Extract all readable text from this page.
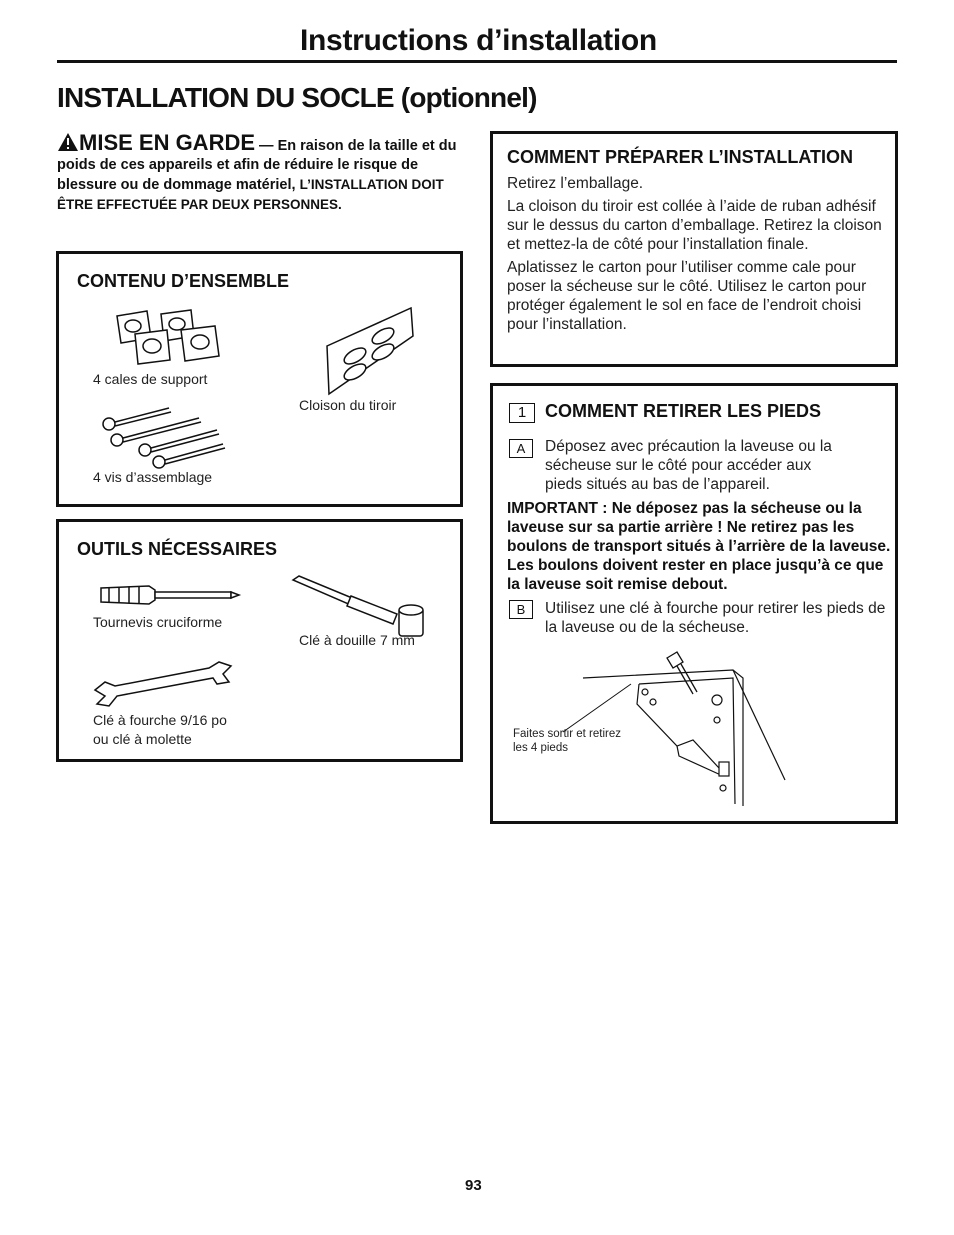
Instructions d’installation
INSTALLATION DU SOCLE (optionnel)
MISE EN GARDE — En raison de la taille et du poids de ces appareils et afin de réduire le risque de blessure ou de dommage matériel, L’INSTALLATION DOIT ÊTRE EFFECTUÉE PAR DEUX PERSONNES.
CONTENU D’ENSEMBLE
4 cales de support
4 vis d’assemblage
Cloison du tiroir
OUTILS NÉCESSAIRES
Tournevis cruciforme
Clé à douille 7 mm
Clé à fourche 9/16 po
ou clé à molette
COMMENT PRÉPARER L’INSTALLATION

Retirez l’emballage.

La cloison du tiroir est collée à l’aide de ruban adhésif sur le dessus du carton d’emballage. Retirez la cloison et mettez-la de côté pour l’installation finale.

Aplatissez le carton pour l’utiliser comme cale pour poser la sécheuse sur le côté. Utilisez le carton pour protéger également le sol en face de l’endroit choisi pour l’installation.

1	COMMENT RETIRER LES PIEDS
A	Déposez avec précaution la laveuse ou la sécheuse sur le côté pour accéder aux pieds situés au bas de l’appareil.
IMPORTANT : Ne déposez pas la sécheuse ou la laveuse sur sa partie arrière ! Ne retirez pas les boulons de transport situés à l’arrière de la laveuse. Les boulons doivent rester en place jusqu’à ce que la laveuse soit remise debout.
B	Utilisez une clé à fourche pour retirer les pieds de la laveuse ou de la sécheuse.
Faites sortir et retirez
les 4 pieds
93
